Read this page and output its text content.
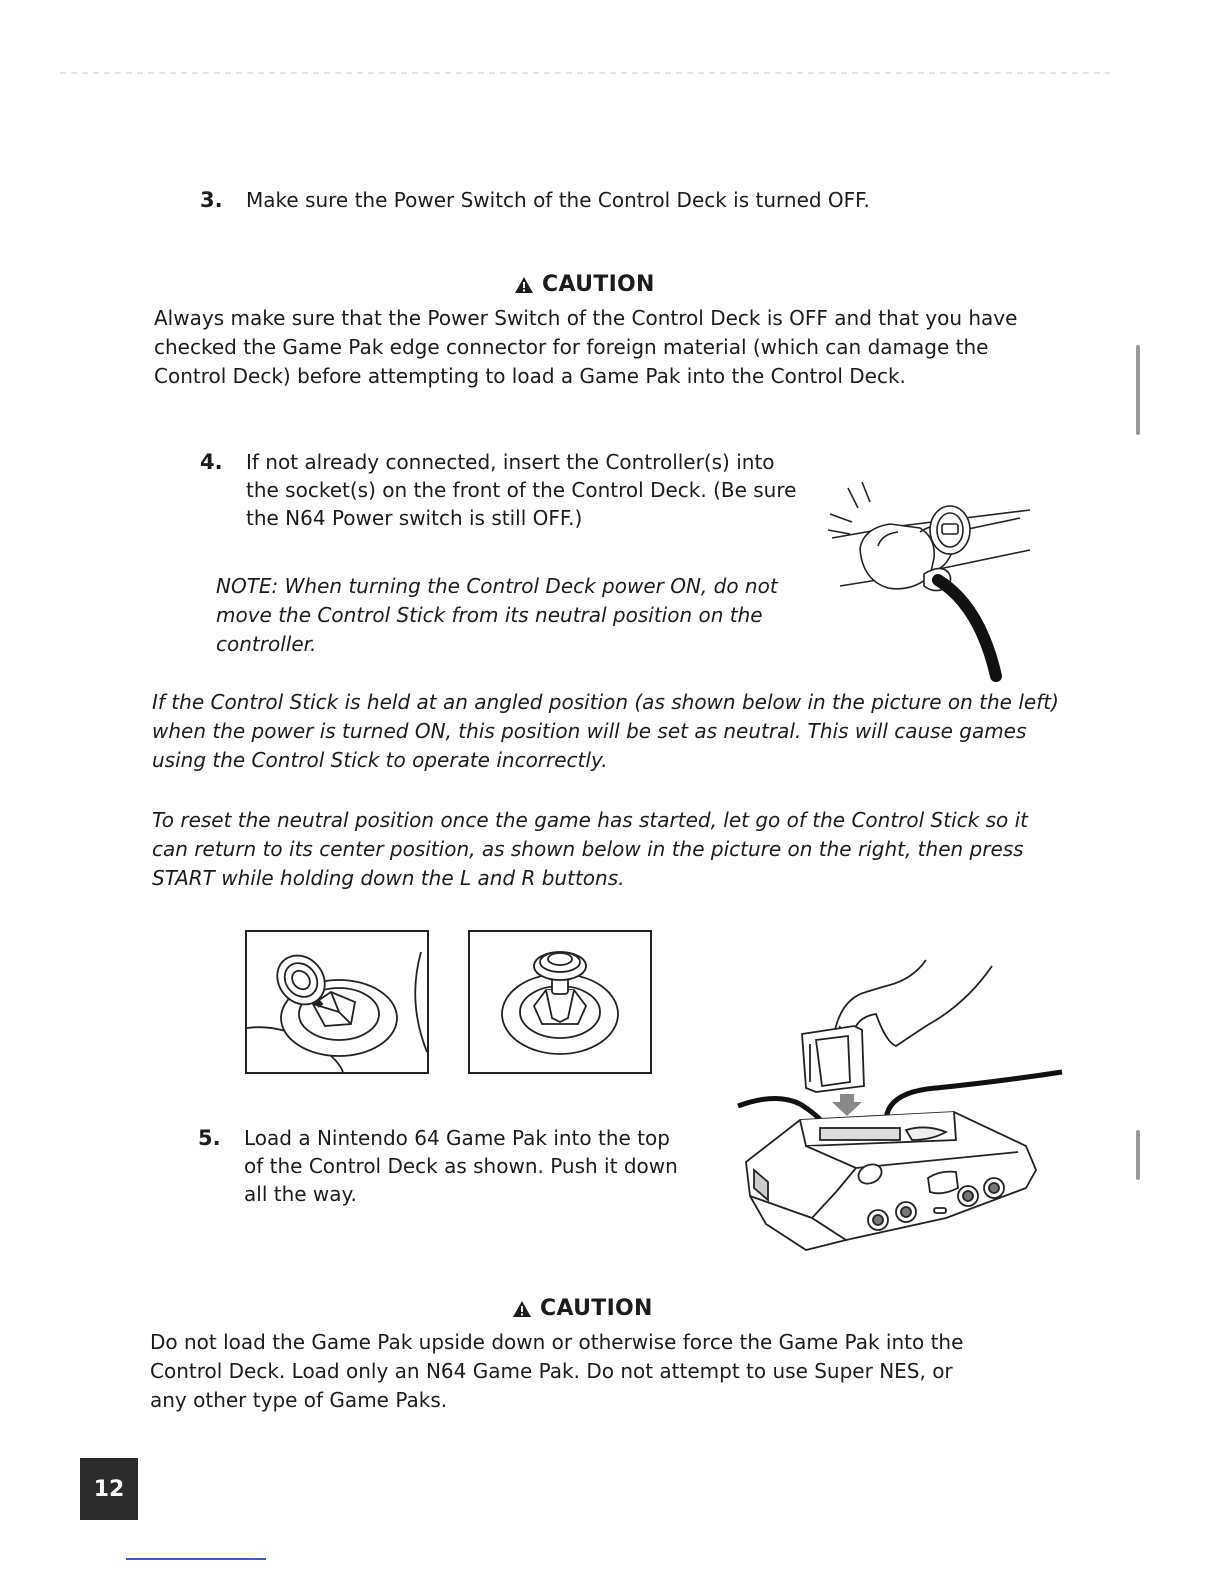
3. Make sure the Power Switch of the Control Deck is turned OFF.
CAUTION
Always make sure that the Power Switch of the Control Deck is OFF and that you have
checked the Game Pak edge connector for foreign material (which can damage the
Control Deck) before attempting to load a Game Pak into the Control Deck.
4. If not already connected, insert the Controller(s) into
the socket(s) on the front of the Control Deck. (Be sure
the N64 Power switch is still OFF.)
NOTE: When turning the Control Deck power ON, do not
move the Control Stick from its neutral position on the
controller.
If the Control Stick is held at an angled position (as shown below in the picture on the left)
when the power is turned ON, this position will be set as neutral. This will cause games
using the Control Stick to operate incorrectly.
To reset the neutral position once the game has started, let go of the Control Stick so it
can return to its center position, as shown below in the picture on the right, then press
START while holding down the L and R buttons.
5. Load a Nintendo 64 Game Pak into the top
of the Control Deck as shown. Push it down
all the way.
CAUTION
Do not load the Game Pak upside down or otherwise force the Game Pak into the
Control Deck. Load only an N64 Game Pak. Do not attempt to use Super NES, or
any other type of Game Paks.
12
